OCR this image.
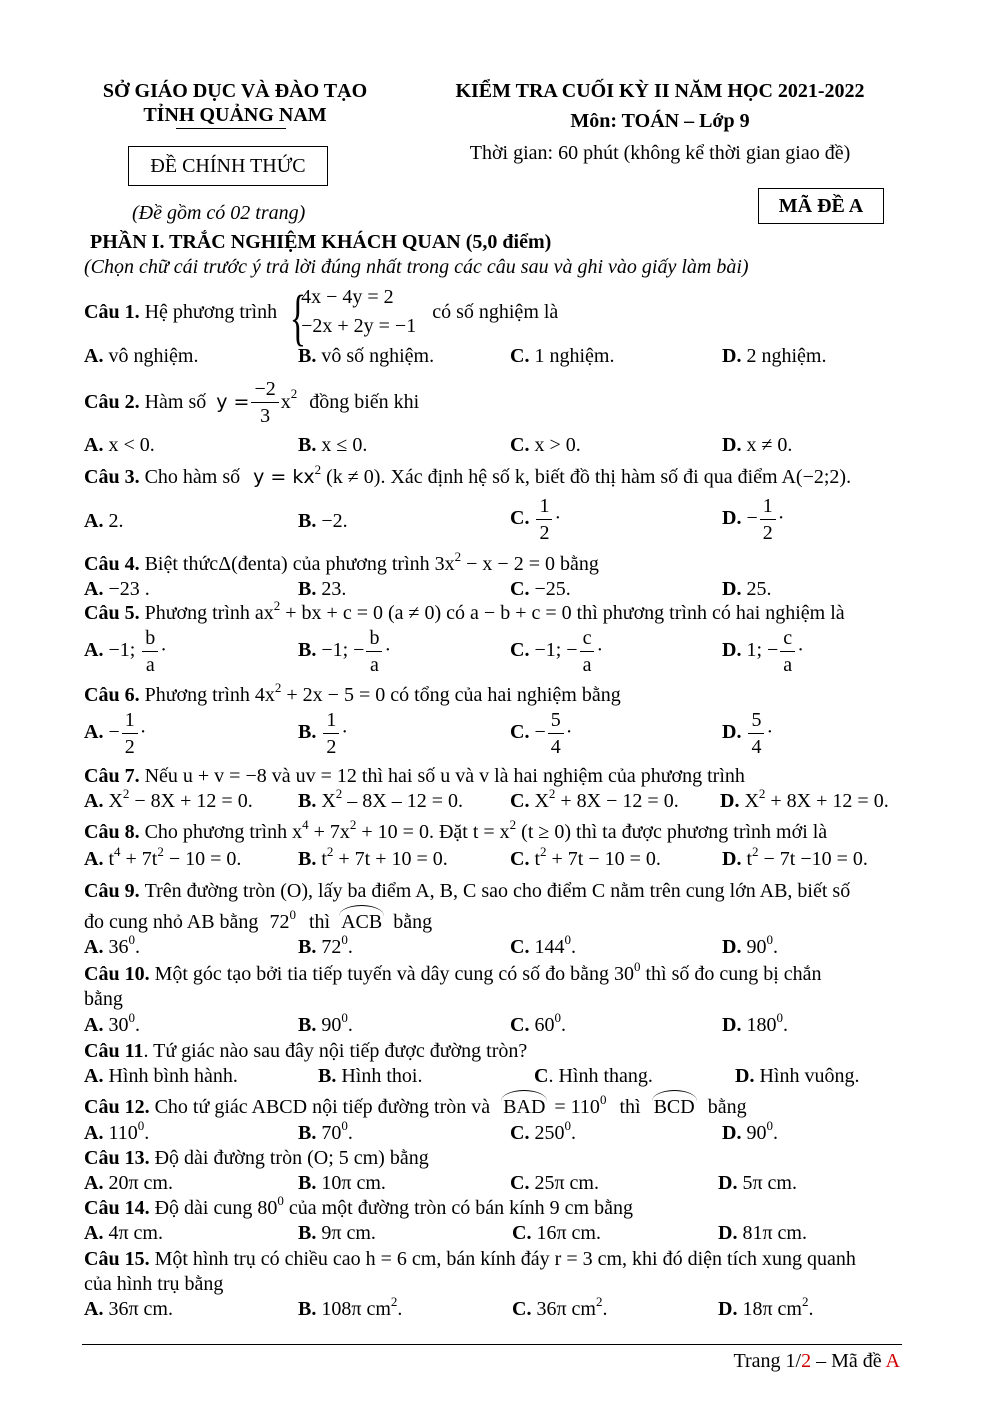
SỞ GIÁO DỤC VÀ ĐÀO TẠO
TỈNH QUẢNG NAM
ĐỀ CHÍNH THỨC
(Đề gồm có 02 trang)
KIỂM TRA CUỐI KỲ II NĂM HỌC 2021-2022
Môn: TOÁN – Lớp 9
Thời gian: 60 phút (không kể thời gian giao đề)
MÃ ĐỀ A
PHẦN I. TRẮC NGHIỆM KHÁCH QUAN (5,0 điểm)
(Chọn chữ cái trước ý trả lời đúng nhất trong các câu sau và ghi vào giấy làm bài)
Câu 1.
Hệ phương trình
{ 4x − 4y = 2
−2x + 2y = −1
có số nghiệm là
A. vô nghiệm.	B. vô số nghiệm.	C. 1 nghiệm.	D. 2 nghiệm.
Câu 2.
Hàm số $y = \frac{-2}{3} x^2$ đồng biến khi
A. x < 0.	B. x ≤ 0.	C. x > 0.	D. x ≠ 0.
Câu 3. Cho hàm số $y = kx^2$ (k ≠ 0). Xác định hệ số k, biết đồ thị hàm số đi qua điểm A(−2;2).
A. 2.	B. −2.	C. $\frac{1}{2}$ ·	D. − $\frac{1}{2}$ ·
Câu 4. Biệt thứcΔ(đenta) của phương trình $3x^2 - x - 2 = 0$ bằng
A. −23 .	B. 23.	C. −25.	D. 25.
Câu 5. Phương trình $ax^2$ + bx + c = 0 (a ≠ 0) có a − b + c = 0 thì phương trình có hai nghiệm là
A. −1; $\frac{b}{a}$ ·	B. −1; − $\frac{b}{a}$ ·	C. −1; − $\frac{c}{a}$ ·	D. 1; − $\frac{c}{a}$ ·
Câu 6. Phương trình $4x^2 + 2x - 5 = 0$ có tổng của hai nghiệm bằng
A. − $\frac{1}{2}$ ·	B. $\frac{1}{2}$ ·	C. − $\frac{5}{4}$ ·	D. $\frac{5}{4}$ ·
Câu 7. Nếu u + v = −8 và uv = 12 thì hai số u và v là hai nghiệm của phương trình
A. $X^2 - 8X + 12 = 0$. B. $X^2 - 8X - 12 = 0$. C. $X^2 + 8X - 12 = 0$. D. $X^2 + 8X + 12 = 0$.
Câu 8. Cho phương trình $x^4 + 7x^2 + 10 = 0$. Đặt $t = x^2$ (t ≥ 0) thì ta được phương trình mới là
A. $t^4 + 7t^2 - 10 = 0$.	B. $t^2 + 7t + 10 = 0$.	C. $t^2 + 7t - 10 = 0$.	D. $t^2 - 7t -10 = 0$.
Câu 9. Trên đường tròn (O), lấy ba điểm A, B, C sao cho điểm C nằm trên cung lớn AB, biết số
đo cung nhỏ AB bằng $72^0$ thì ACB bằng
A. $36^0$.	B. $72^0$.	C. $144^0$.	D. $90^0$.
Câu 10. Một góc tạo bởi tia tiếp tuyến và dây cung có số đo bằng $30^0$ thì số đo cung bị chắn
bằng
A. $30^0$.	B. $90^0$.	C. $60^0$.	D. $180^0$.
Câu 11. Tứ giác nào sau đây nội tiếp được đường tròn?
A. Hình bình hành.	B. Hình thoi.	C. Hình thang.	D. Hình vuông.
Câu 12. Cho tứ giác ABCD nội tiếp đường tròn và BAD = $110^0$ thì BCD bằng
A. $110^0$.	B. $70^0$.	C. $250^0$.	D. $90^0$.
Câu 13. Độ dài đường tròn (O; 5 cm) bằng
A. 20π cm.	B. 10π cm.	C. 25π cm.	D. 5π cm.
Câu 14. Độ dài cung $80^0$ của một đường tròn có bán kính 9 cm bằng
A. 4π cm.	B. 9π cm.	C. 16π cm.	D. 81π cm.
Câu 15. Một hình trụ có chiều cao h = 6 cm, bán kính đáy r = 3 cm, khi đó diện tích xung quanh
của hình trụ bằng
A. 36π cm.	B. 108π $cm^2$.	C. 36π $cm^2$.	D. 18π $cm^2$.
Trang 1/2 – Mã đề A
